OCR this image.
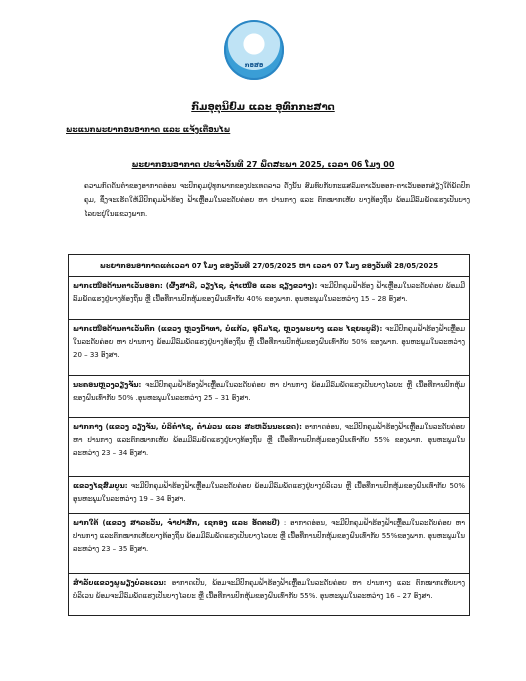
ກອສອ
ກົມອຸຕຸນິຍົມ ແລະ ອຸທົກກະສາດ
ພະແນກພະຍາກອນອາກາດ ແລະ ແຈ້ງເຕືອນໄພ
ພະຍາກອນອາກາດ ປະຈຳວັນທີ 27 ພຶດສະພາ 2025, ເວລາ 06 ໂມງ 00

ຄວາມກົດດັນຕ່ຳຂອງອາກາດອ່ອນ ຈະປົກຄຸມຢູ່ທຸກພາກຂອງປະເທດລາວ ດັ່ງນັ້ນ ສົມທົບກັບກະແສລົມຕາເວັນອອກ-ຕາເວັນອອກສ່ຽງໃຕ້ພັດປົກຄຸມ, ຊຶ່ງຈະເຮັດໃຫ້ມີປົກຄຸມຟ້າຮ້ອງ ຟ້າເຫຼື້ອມໃນລະດັບຄ່ອຍ ຫາ ປານກາງ ແລະ ຕົກໝາກເຫັບ ບາງທ້ອງຖິ່ນ ພ້ອມມີລົມພັດແຮງເປັນບາງໄລຍະຢູ່ໃນແຂວງພາກ.

ພະຍາກອນອາກາດແຕ່ເວລາ 07 ໂມງ ຂອງວັນທີ 27/05/2025 ຫາ ເວລາ 07 ໂມງ ຂອງວັນທີ 28/05/2025
ພາກເໜືອດ້ານຕາເວັນອອກ: (ຜົ້ງສາລີ, ວຽງໄຊ, ຊຳເໜືອ ແລະ ຊຽງຂວາງ): ຈະມີປົກຄຸມຟ້າຮ້ອງ ຟ້າເຫຼື້ອມໃນລະດັບຄ່ອຍ ພ້ອມມີລົມພັດແຮງຢູ່ບາງທ້ອງຖິ່ນ ຫຼື ເນື້ອທີ່ການປົກຫຸ້ມຂອງຝົນເທົ່າກັບ 40% ຂອງພາກ. ອຸນຫະພູມໃນລະຫວ່າງ 15 – 28 ອົງສາ.
ພາກເໜືອດ້ານຕາເວັນຕົກ (ແຂວງ ຫຼວງນ້ຳທາ, ບໍ່ແກ້ວ, ອຸດົມໄຊ, ຫຼວງພະບາງ ແລະ ໄຊຍະບູລີ): ຈະມີປົກຄຸມຟ້າຮ້ອງຟ້າເຫຼື້ອມໃນລະດັບຄ່ອຍ ຫາ ປານກາງ ພ້ອມມີລົມພັດແຮງຢູ່ບາງທ້ອງຖິ່ນ ຫຼື ເນື້ອທີ່ການປົກຫຸ້ມຂອງຝົນເທົ່າກັບ 50% ຂອງພາກ. ອຸນຫະພູມໃນລະຫວ່າງ 20 – 33 ອົງສາ.
ນະຄອນຫຼວງວຽງຈັນ: ຈະມີປົກຄຸມຟ້າຮ້ອງຟ້າເຫຼື້ອມໃນລະດັບຄ່ອຍ ຫາ ປານກາງ ພ້ອມມີລົມພັດແຮງເປັນບາງໄລຍະ ຫຼື ເນື້ອທີ່ການປົກຫຸ້ມຂອງຝົນເທົ່າກັບ 50% .ອຸນຫະພູມໃນລະຫວ່າງ 25 – 31 ອົງສາ.
ພາກກາງ (ແຂວງ ວຽງຈັນ, ບໍລິຄຳໄຊ, ຄຳມ່ວນ ແລະ ສະຫວັນນະເຂດ): ອາກາດອ່ອນ, ຈະມີປົກຄຸມຟ້າຮ້ອງຟ້າເຫຼື້ອມໃນລະດັບຄ່ອຍ ຫາ ປານກາງ ແລະຕົກໝາກເຫັບ ພ້ອມມີລົມພັດແຮງຢູ່ບາງທ້ອງຖິ່ນ ຫຼື ເນື້ອທີ່ການປົກຫຸ້ມຂອງຝົນເທົ່າກັບ 55% ຂອງພາກ. ອຸນຫະພູມໃນລະຫວ່າງ 23 – 34 ອົງສາ.
ແຂວງໄຊສົມບູນ: ຈະມີປົກຄຸມຟ້າຮ້ອງຟ້າເຫຼື້ອມໃນລະດັບຄ່ອຍ ພ້ອມມີລົມພັດແຮງຢູ່ບາງບໍລິເວນ ຫຼື ເນື້ອທີ່ການປົກຫຸ້ມຂອງຝົນເທົ່າກັບ 50% ອຸນຫະພູມໃນລະຫວ່າງ 19 – 34 ອົງສາ.
ພາກໃຕ້ (ແຂວງ ສາລະວັນ, ຈຳປາສັກ, ເຊກອງ ແລະ ອັດຕະປື) : ອາກາດອ່ອນ, ຈະມີປົກຄຸມຟ້າຮ້ອງຟ້າເຫຼື້ອມໃນລະດັບຄ່ອຍ ຫາ ປານກາງ ແລະຕົກໝາກເຫັບບາງທ້ອງຖິ່ນ ພ້ອມມີລົມພັດແຮງເປັນບາງໄລຍະ ຫຼື ເນື້ອທີ່ການປົກຫຸ້ມຂອງຝົນເທົ່າກັບ 55%ຂອງພາກ. ອຸນຫະພູມໃນລະຫວ່າງ 23 – 35 ອົງສາ.
ສຳລັບແຂວງພູພຽງບໍລະເວນ: ອາກາດເປັນ, ພ້ອມຈະມີປົກຄຸມຟ້າຮ້ອງຟ້າເຫຼື້ອມໃນລະດັບຄ່ອຍ ຫາ ປານກາງ ແລະ ຕົກໝາກເຫັບບາງບໍລິເວນ ພ້ອມຈະມີລົມພັດແຮງເປັນບາງໄລຍະ ຫຼື ເນື້ອທີ່ການປົກຫຸ້ມຂອງຝົນເທົ່າກັບ 55%. ອຸນຫະພູມໃນລະຫວ່າງ 16 – 27 ອົງສາ.
